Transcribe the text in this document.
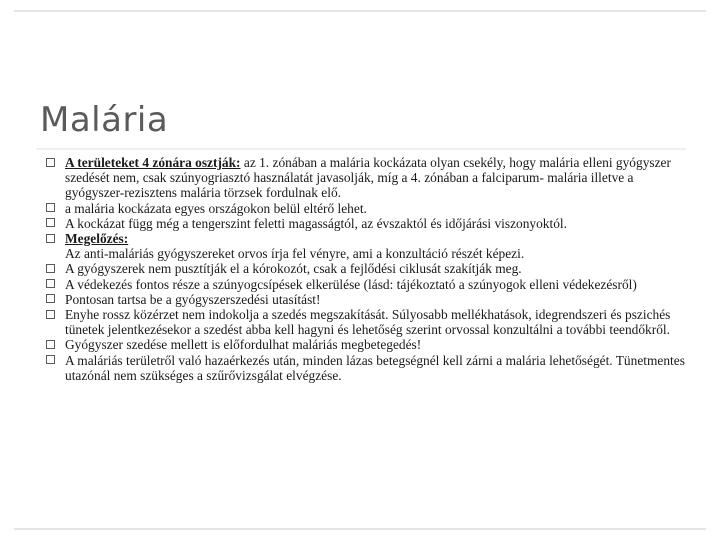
Malária
A területeket 4 zónára osztják: az 1. zónában a malária kockázata olyan csekély, hogy malária elleni gyógyszer szedését nem, csak szúnyogriasztó használatát javasolják, míg a 4. zónában a falciparum- malária illetve a gyógyszer-rezisztens malária törzsek fordulnak elő.
a malária kockázata egyes országokon belül eltérő lehet.
A kockázat függ még a tengerszint feletti magasságtól, az évszaktól és időjárási viszonyoktól.
Megelőzés:
Az anti-maláriás gyógyszereket orvos írja fel vényre, ami a konzultáció részét képezi.
A gyógyszerek nem pusztítják el a kórokozót, csak a fejlődési ciklusát szakítják meg.
A védekezés fontos része a szúnyogcsípések elkerülése (lásd: tájékoztató a szúnyogok elleni védekezésről)
Pontosan tartsa be a gyógyszerszedési utasítást!
Enyhe rossz közérzet nem indokolja a szedés megszakítását. Súlyosabb mellékhatások, idegrendszeri és pszichés tünetek jelentkezésekor a szedést abba kell hagyni és lehetőség szerint orvossal konzultálni a további teendőkről.
Gyógyszer szedése mellett is előfordulhat maláriás megbetegedés!
A maláriás területről való hazaérkezés után, minden lázas betegségnél kell zárni a malária lehetőségét. Tünetmentes utazónál nem szükséges a szűrővizsgálat elvégzése.
